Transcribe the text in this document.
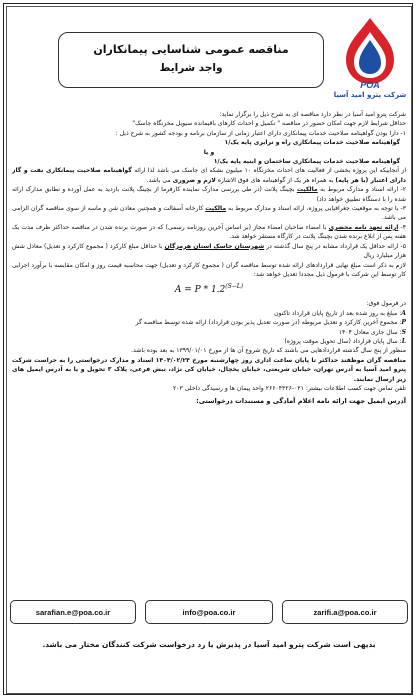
POA
شرکت پترو امید آسیا
مناقصه عمومی شناسایی پیمانکاران
واجد شرایط

شرکت پترو امید آسیا در نظر دارد مناقصه ای به شرح ذیل را برگزار نماید:

حداقل شرایط لازم جهت امکان حضور در مناقصه " تکمیل و احداث کارهای باقیمانده سیویل مخزنگاه جاسک"

۱- دارا بودن گواهینامه صلاحیت خدمات پیمانکاری دارای اعتبار زمانی از سازمان برنامه و بودجه کشور به شرح ذیل :

گواهینامه صلاحیت خدمات پیمانکاری راه و ترابری پایه یک/۱

و یا

گواهینامه صلاحیت خدمات پیمانکاری ساختمان و ابنیه پایه یک/۱

از آنجاییکه این پروژه بخشی از فعالیت های احداث مخزنگاه ۱۰ میلیون بشکه ای جاسک می باشد لذا ارائه گواهینامه صلاحیت پیمانکاری نفت و گاز دارای اعتبار (با هر پایه) به همراه هر یک از گواهینامه های فوق الاشاره لازم و ضروری می باشد.

۲- ارائه اسناد و مدارک مربوط به مالکیت بچینگ پلانت (در طی بررسی مدارک نماینده کارفرما از بچینگ پلانت بازدید به عمل آورده و تطابق مدارک ارائه شده را با دستگاه تطبیق خواهد داد)

۳- با توجه به موقعیت جغرافیایی پروژه، ارائه اسناد و مدارک مربوط به مالکیت کارخانه آسفالت و همچنین معادن شن و ماسه از سوی مناقصه گران الزامی می باشد.

۴- ارائه تعهد نامه محضری با امضاء صاحبان امضاء مجاز (بر اساس آخرین روزنامه رسمی) که در صورت برنده شدن در مناقصه حداکثر ظرف مدت یک هفته پس از ابلاغ برنده شدن بچینگ پلانت در کارگاه مستقر خواهد شد.

۵- ارائه حداقل یک قرارداد مشابه در پنج سال گذشته در شهرستان جاسک استان هرمزگان با حداقل مبلغ کارکرد ( مجموع کارکرد و تعدیل) معادل شش هزار میلیارد ریال

لازم به ذکر است مبلغ نهایی قراردادهای ارائه شده توسط مناقصه گران ( مجموع کارکرد و تعدیل) جهت محاسبه قیمت روز و امکان مقایسه با برآورد اجرایی کار توسط این شرکت با فرمول ذیل مجددا تعدیل خواهد شد:

$A = P * 1.2^{(S-L)}$

در فرمول فوق:

A: مبلغ به روز شده بعد از تاریخ پایان قرارداد تاکنون

P: مجموع آخرین کارکرد و تعدیل مربوطه (در صورت تعدیل پذیر بودن قرارداد) ارائه شده توسط مناقصه گر

S: سال جاری معادل ۱۴۰۴

L: سال پایان قرارداد (سال تحویل موقت پروژه)

منظور از پنج سال گذشته قراردادهایی می باشند که تاریخ شروع آن ها از مورخ ۱۳۹۹/۰۱/۰۱ به بعد بوده باشد.

مناقصه گران موظفند حداکثر تا پایان ساعت اداری روز چهارشنبه مورخ ۱۴۰۴/۰۲/۲۴ اسناد و مدارک درخواستی را به حراست شرکت پترو امید آسیا به آدرس تهران، خیابان شریعتی، خیابان یخچال، خیابان کی نژاد، نبش فرعی، پلاک ۳ تحویل و یا به آدرس ایمیل های زیر ارسال نمایند.

تلفن تماس جهت کسب اطلاعات بیشتر: ۰۲۱-۲۶۶۰۴۳۲۶ واحد پیمان ها و رسیدگی داخلی ۲۰۳

آدرس ایمیل جهت ارائه نامه اعلام آمادگی و مستندات درخواستی:

sarafian.e@poa.co.ir	info@poa.co.ir	zarifi.a@poa.co.ir
بدیهی است شرکت پترو امید آسیا در پذیرش یا رد درخواست شرکت کنندگان مختار می باشد.
